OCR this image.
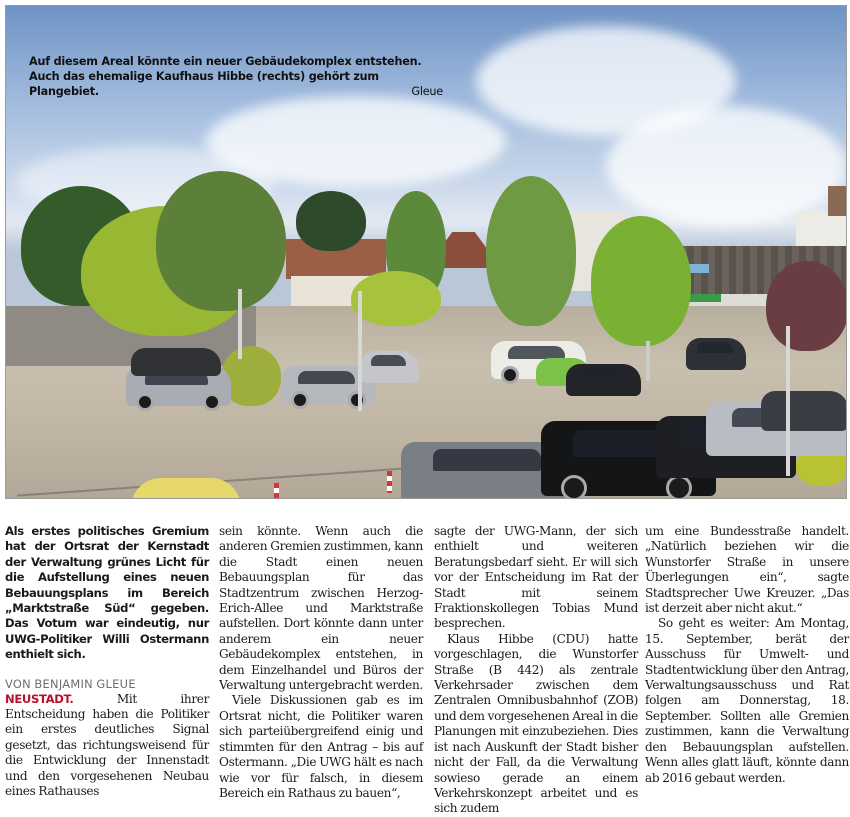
Auf diesem Areal könnte ein neuer Gebäudekomplex entstehen. Auch das ehemalige Kaufhaus Hibbe (rechts) gehört zum Plangebiet.	Gleue

Als erstes politisches Gremium hat der Ortsrat der Kernstadt der Verwaltung grünes Licht für die Aufstellung eines neuen Bebauungsplans im Bereich „Marktstraße Süd“ gegeben. Das Votum war eindeutig, nur UWG-Politiker Willi Ostermann enthielt sich.

VON BENJAMIN GLEUE

NEUSTADT.	Mit ihrer Entscheidung haben die Politiker ein erstes deutliches Signal gesetzt, das richtungsweisend für die Entwicklung der Innenstadt und den vorgesehenen Neubau eines Rathauses

sein könnte. Wenn auch die anderen Gremien zustimmen, kann die Stadt einen neuen Bebauungsplan für das Stadtzentrum zwischen Herzog-Erich-Allee und Marktstraße aufstellen. Dort könnte dann unter anderem ein neuer Gebäudekomplex entstehen, in dem Einzelhandel und Büros der Verwaltung untergebracht werden.

Viele Diskussionen gab es im Ortsrat nicht, die Politiker waren sich parteiübergreifend einig und stimmten für den Antrag – bis auf Ostermann. „Die UWG hält es nach wie vor für falsch, in diesem Bereich ein Rathaus zu bauen“,

sagte der UWG-Mann, der sich enthielt und weiteren Beratungsbedarf sieht. Er will sich vor der Entscheidung im Rat der Stadt mit seinem Fraktionskollegen Tobias Mund besprechen.

Klaus Hibbe (CDU) hatte vorgeschlagen, die Wunstorfer Straße (B 442) als zentrale Verkehrsader zwischen dem Zentralen Omnibusbahnhof (ZOB) und dem vorgesehenen Areal in die Planungen mit einzubeziehen. Dies ist nach Auskunft der Stadt bisher nicht der Fall, da die Verwaltung sowieso gerade an einem Verkehrskonzept arbeitet und es sich zudem

um eine Bundesstraße handelt. „Natürlich beziehen wir die Wunstorfer Straße in unsere Überlegungen ein“, sagte Stadtsprecher Uwe Kreuzer. „Das ist derzeit aber nicht akut.“

So geht es weiter: Am Montag, 15. September, berät der Ausschuss für Umwelt- und Stadtentwicklung über den Antrag, Verwaltungsausschuss und Rat folgen am Donnerstag, 18. September. Sollten alle Gremien zustimmen, kann die Verwaltung den Bebauungsplan aufstellen. Wenn alles glatt läuft, könnte dann ab 2016 gebaut werden.
